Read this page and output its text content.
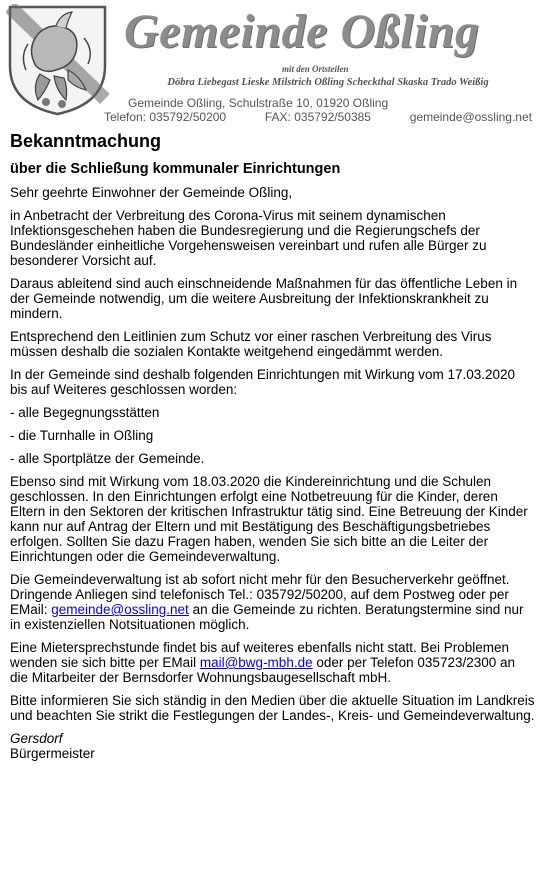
Gemeinde Oßling
mit den Ortsteilen
Döbra Liebegast Lieske Milstrich Oßling Scheckthal Skaska Trado Weißig
Gemeinde Oßling, Schulstraße 10, 01920 Oßling
Telefon: 035792/50200	FAX: 035792/50385	gemeinde@ossling.net
Bekanntmachung
über die Schließung kommunaler Einrichtungen

Sehr geehrte Einwohner der Gemeinde Oßling,

in Anbetracht der Verbreitung des Corona-Virus mit seinem dynamischen Infektionsgeschehen haben die Bundesregierung und die Regierungschefs der Bundesländer einheitliche Vorgehensweisen vereinbart und rufen alle Bürger zu besonderer Vorsicht auf.

Daraus ableitend sind auch einschneidende Maßnahmen für das öffentliche Leben in der Gemeinde notwendig, um die weitere Ausbreitung der Infektionskrankheit zu mindern.

Entsprechend den Leitlinien zum Schutz vor einer raschen Verbreitung des Virus müssen deshalb die sozialen Kontakte weitgehend eingedämmt werden.

In der Gemeinde sind deshalb folgenden Einrichtungen mit Wirkung vom 17.03.2020 bis auf Weiteres geschlossen worden:

- alle Begegnungsstätten

- die Turnhalle in Oßling

- alle Sportplätze der Gemeinde.

Ebenso sind mit Wirkung vom 18.03.2020 die Kindereinrichtung und die Schulen geschlossen. In den Einrichtungen erfolgt eine Notbetreuung für die Kinder, deren Eltern in den Sektoren der kritischen Infrastruktur tätig sind. Eine Betreuung der Kinder kann nur auf Antrag der Eltern und mit Bestätigung des Beschäftigungsbetriebes erfolgen. Sollten Sie dazu Fragen haben, wenden Sie sich bitte an die Leiter der Einrichtungen oder die Gemeindeverwaltung.

Die Gemeindeverwaltung ist ab sofort nicht mehr für den Besucherverkehr geöffnet. Dringende Anliegen sind telefonisch Tel.: 035792/50200, auf dem Postweg oder per EMail: gemeinde@ossling.net an die Gemeinde zu richten. Beratungstermine sind nur in existenziellen Notsituationen möglich.

Eine Mietersprechstunde findet bis auf weiteres ebenfalls nicht statt. Bei Problemen wenden sie sich bitte per EMail mail@bwg-mbh.de oder per Telefon 035723/2300 an die Mitarbeiter der Bernsdorfer Wohnungsbaugesellschaft mbH.

Bitte informieren Sie sich ständig in den Medien über die aktuelle Situation im Landkreis und beachten Sie strikt die Festlegungen der Landes-, Kreis- und Gemeindeverwaltung.

Gersdorf

Bürgermeister
